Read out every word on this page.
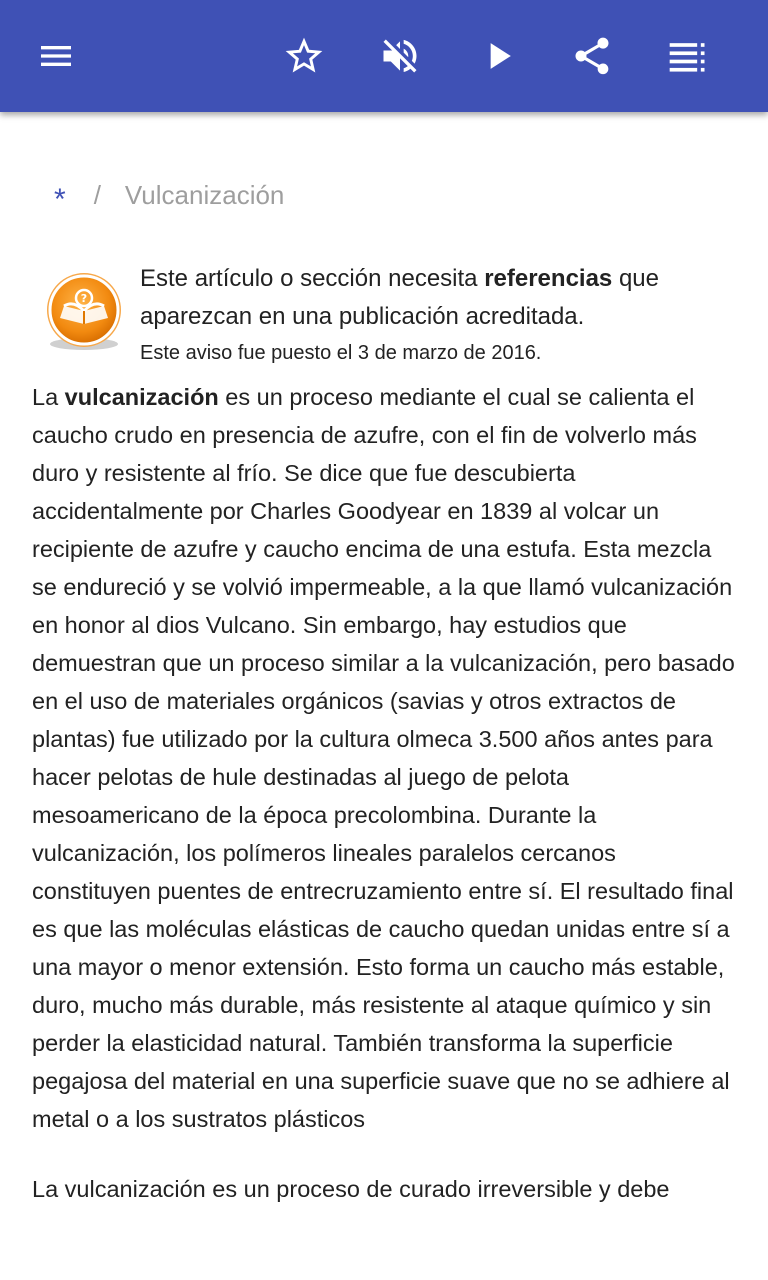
* / Vulcanización
?
Este artículo o sección necesita referencias que aparezcan en una publicación acreditada.
Este aviso fue puesto el 3 de marzo de 2016.

La vulcanización es un proceso mediante el cual se calienta el caucho crudo en presencia de azufre, con el fin de volverlo más duro y resistente al frío. Se dice que fue descubierta accidentalmente por Charles Goodyear en 1839 al volcar un recipiente de azufre y caucho encima de una estufa. Esta mezcla se endureció y se volvió impermeable, a la que llamó vulcanización en honor al dios Vulcano. Sin embargo, hay estudios que demuestran que un proceso similar a la vulcanización, pero basado en el uso de materiales orgánicos (savias y otros extractos de plantas) fue utilizado por la cultura olmeca 3.500 años antes para hacer pelotas de hule destinadas al juego de pelota mesoamericano de la época precolombina. Durante la vulcanización, los polímeros lineales paralelos cercanos constituyen puentes de entrecruzamiento entre sí. El resultado final es que las moléculas elásticas de caucho quedan unidas entre sí a una mayor o menor extensión. Esto forma un caucho más estable, duro, mucho más durable, más resistente al ataque químico y sin perder la elasticidad natural. También transforma la superficie pegajosa del material en una superficie suave que no se adhiere al metal o a los sustratos plásticos

La vulcanización es un proceso de curado irreversible y debe
